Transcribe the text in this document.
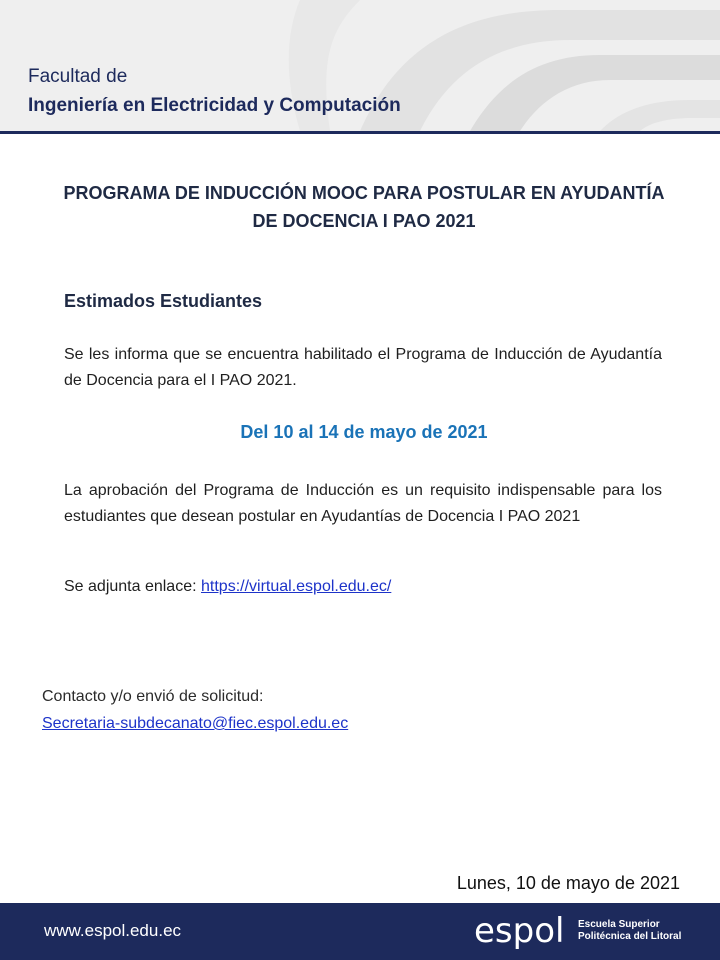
Facultad de
Ingeniería en Electricidad y Computación
PROGRAMA DE INDUCCIÓN MOOC PARA POSTULAR EN AYUDANTÍA DE DOCENCIA I PAO 2021
Estimados Estudiantes
Se les informa que se encuentra habilitado el Programa de Inducción de Ayudantía de Docencia para el I PAO 2021.
Del 10 al 14 de mayo de 2021
La aprobación del Programa de Inducción es un requisito indispensable para los estudiantes que desean postular en Ayudantías de Docencia I PAO 2021
Se adjunta enlace: https://virtual.espol.edu.ec/
Contacto y/o envió de solicitud:
Secretaria-subdecanato@fiec.espol.edu.ec
Lunes, 10 de mayo de 2021
www.espol.edu.ec	espol Escuela Superior
Politécnica del Litoral
